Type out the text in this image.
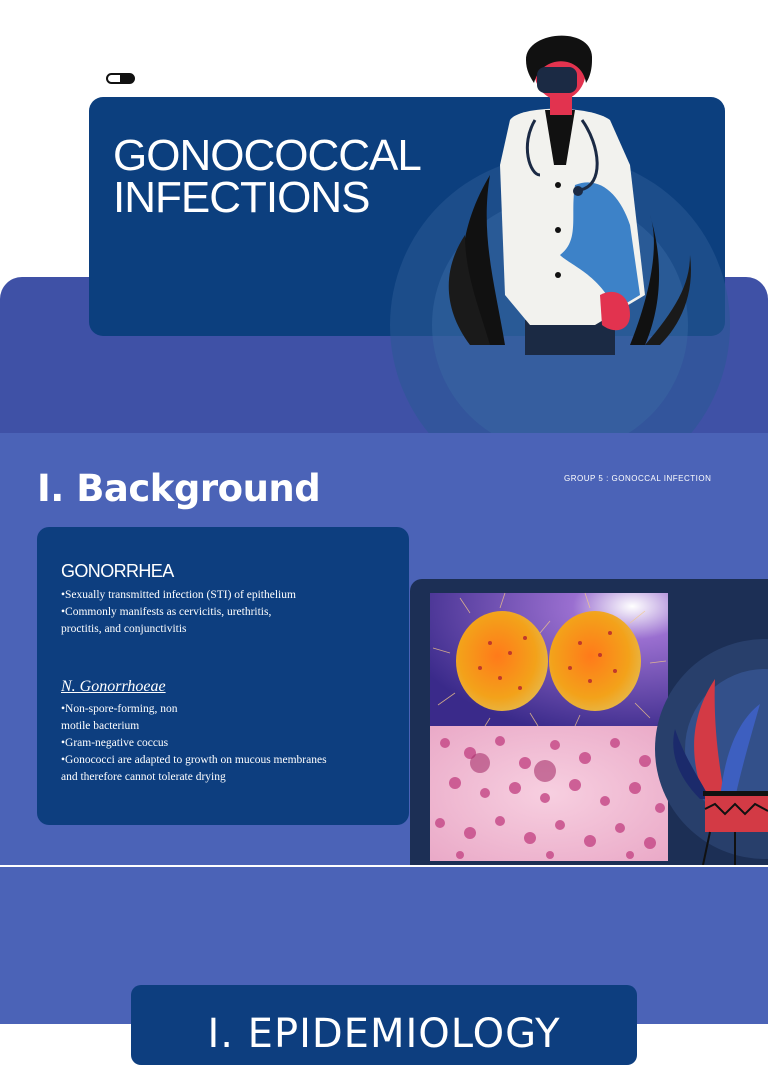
GONOCOCCAL
INFECTIONS
I. Background	GROUP 5 : GONOCCAL INFECTION
GONORRHEA
•Sexually transmitted infection (STI) of epithelium
•Commonly manifests as cervicitis, urethritis,
proctitis, and conjunctivitis
N. Gonorrhoeae
•Non-spore-forming, non
motile bacterium
•Gram-negative coccus
•Gonococci are adapted to growth on mucous membranes
and therefore cannot tolerate drying
I. EPIDEMIOLOGY
